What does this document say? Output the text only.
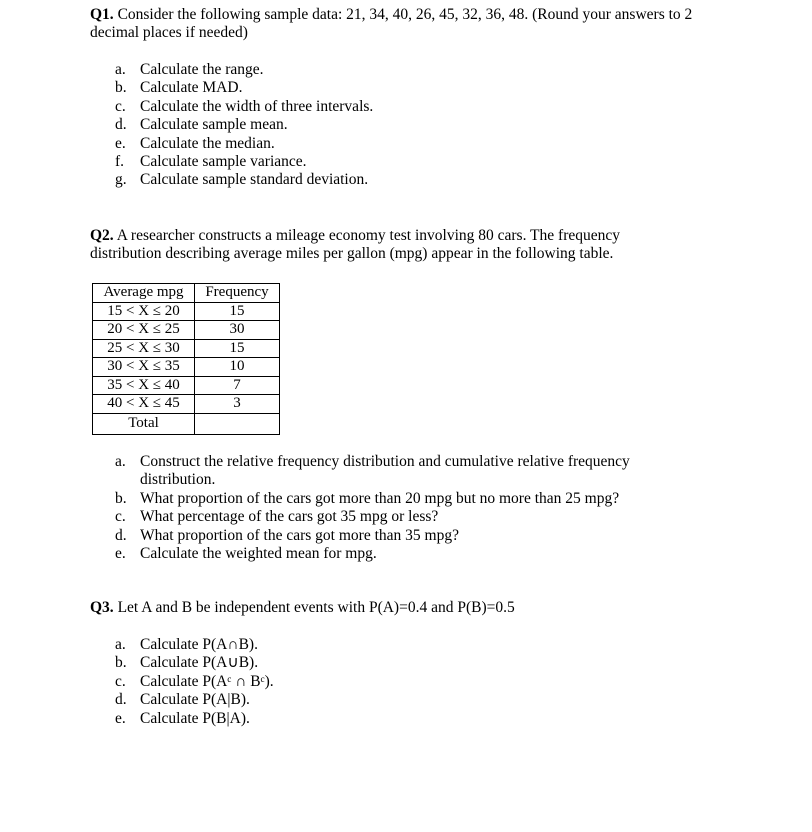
Q1. Consider the following sample data: 21, 34, 40, 26, 45, 32, 36, 48. (Round your answers to 2 decimal places if needed)

a. Calculate the range.
b. Calculate MAD.
c. Calculate the width of three intervals.
d. Calculate sample mean.
e. Calculate the median.
f. Calculate sample variance.
g. Calculate sample standard deviation.

Q2. A researcher constructs a mileage economy test involving 80 cars. The frequency distribution describing average miles per gallon (mpg) appear in the following table.

Average mpg	Frequency
15 < X ≤ 20	15
20 < X ≤ 25	30
25 < X ≤ 30	15
30 < X ≤ 35	10
35 < X ≤ 40	7
40 < X ≤ 45	3
Total	
a. Construct the relative frequency distribution and cumulative relative frequency distribution.
b. What proportion of the cars got more than 20 mpg but no more than 25 mpg?
c. What percentage of the cars got 35 mpg or less?
d. What proportion of the cars got more than 35 mpg?
e. Calculate the weighted mean for mpg.

Q3. Let A and B be independent events with P(A)=0.4 and P(B)=0.5

a. Calculate P(A∩B).
b. Calculate P(A∪B).
c. Calculate P(Aᶜ ∩ Bᶜ).
d. Calculate P(A|B).
e. Calculate P(B|A).
